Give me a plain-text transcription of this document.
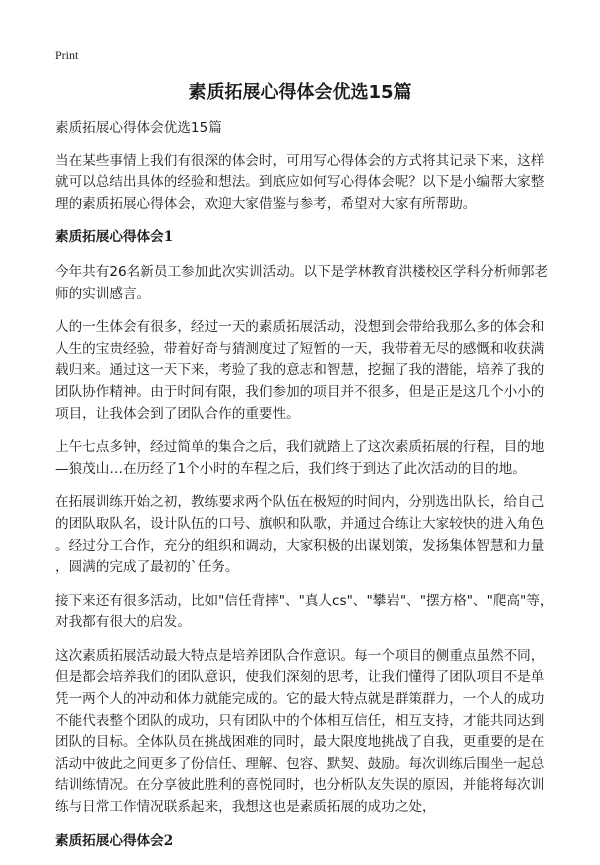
Print
素质拓展心得体会优选15篇

素质拓展心得体会优选15篇

当在某些事情上我们有很深的体会时，可用写心得体会的方式将其记录下来，这样
就可以总结出具体的经验和想法。到底应如何写心得体会呢？以下是小编帮大家整
理的素质拓展心得体会，欢迎大家借鉴与参考，希望对大家有所帮助。

素质拓展心得体会1

今年共有26名新员工参加此次实训活动。以下是学林教育洪楼校区学科分析师郭老
师的实训感言。

人的一生体会有很多，经过一天的素质拓展活动，没想到会带给我那么多的体会和
人生的宝贵经验，带着好奇与猜测度过了短暂的一天，我带着无尽的感慨和收获满
载归来。通过这一天下来，考验了我的意志和智慧，挖掘了我的潜能，培养了我的
团队协作精神。由于时间有限，我们参加的项目并不很多，但是正是这几个小小的
项目，让我体会到了团队合作的重要性。

上午七点多钟，经过简单的集合之后，我们就踏上了这次素质拓展的行程，目的地
—狼茂山…在历经了1个小时的车程之后，我们终于到达了此次活动的目的地。

在拓展训练开始之初，教练要求两个队伍在极短的时间内，分别选出队长，给自己
的团队取队名，设计队伍的口号、旗帜和队歌，并通过合练让大家较快的进入角色
。经过分工合作，充分的组织和调动，大家积极的出谋划策，发扬集体智慧和力量
，圆满的完成了最初的`任务。

接下来还有很多活动，比如"信任背摔"、"真人cs"、"攀岩"、"摆方格"、"爬高"等，
对我都有很大的启发。

这次素质拓展活动最大特点是培养团队合作意识。每一个项目的侧重点虽然不同，
但是都会培养我们的团队意识，使我们深刻的思考，让我们懂得了团队项目不是单
凭一两个人的冲动和体力就能完成的。它的最大特点就是群策群力，一个人的成功
不能代表整个团队的成功，只有团队中的个体相互信任，相互支持，才能共同达到
团队的目标。全体队员在挑战困难的同时，最大限度地挑战了自我，更重要的是在
活动中彼此之间更多了份信任、理解、包容、默契、鼓励。每次训练后围坐一起总
结训练情况。在分享彼此胜利的喜悦同时，也分析队友失误的原因，并能将每次训
练与日常工作情况联系起来，我想这也是素质拓展的成功之处，

素质拓展心得体会2
